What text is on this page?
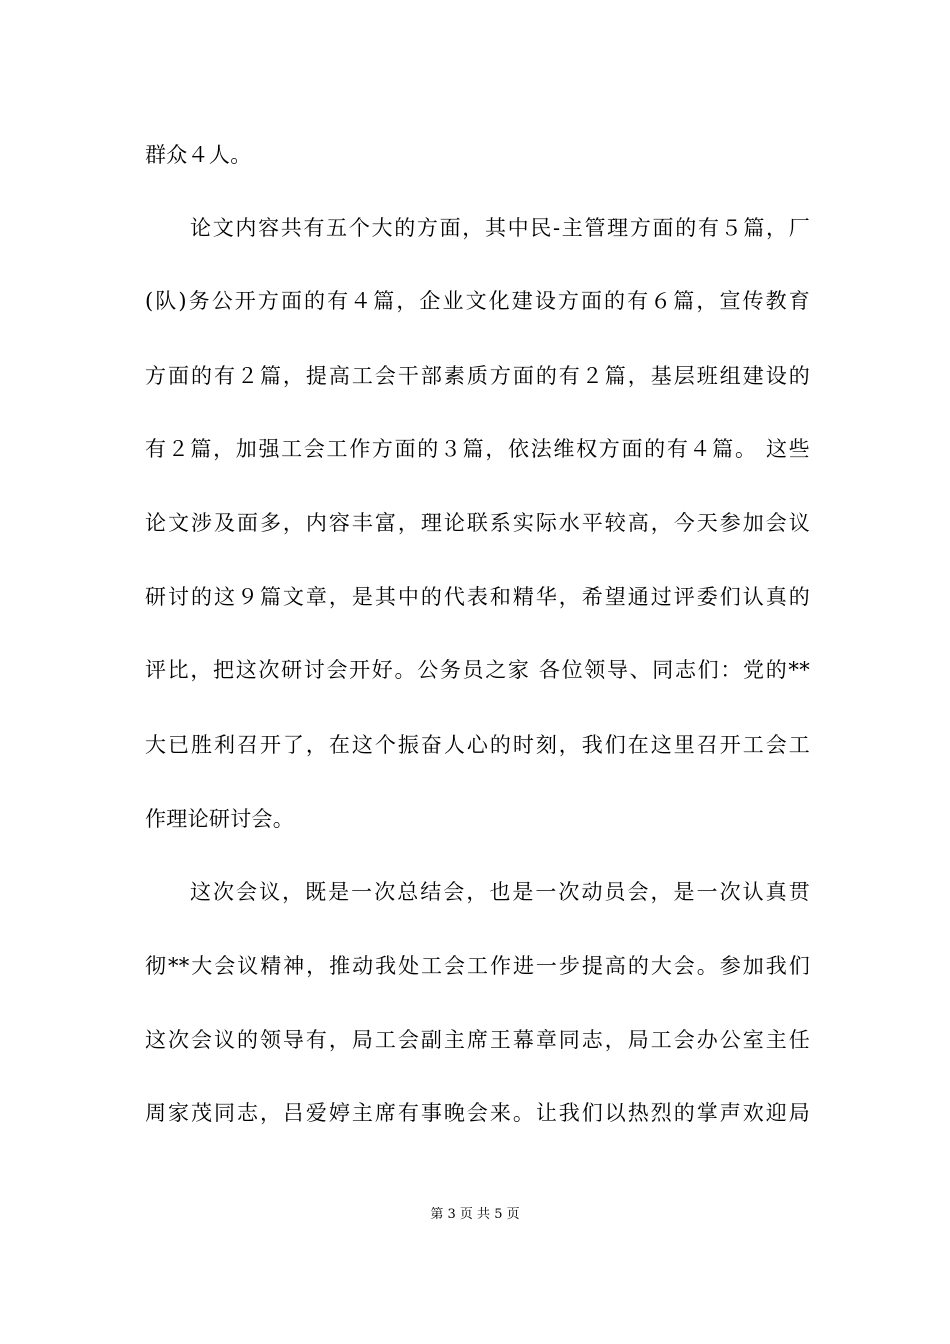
群众４人。
论文内容共有五个大的方面，其中民-主管理方面的有５篇，厂
(队)务公开方面的有４篇，企业文化建设方面的有６篇，宣传教育
方面的有２篇，提高工会干部素质方面的有２篇，基层班组建设的
有２篇，加强工会工作方面的３篇，依法维权方面的有４篇。 这些
论文涉及面多，内容丰富，理论联系实际水平较高，今天参加会议
研讨的这９篇文章，是其中的代表和精华，希望通过评委们认真的
评比，把这次研讨会开好。公务员之家 各位领导、同志们：党的**
大已胜利召开了，在这个振奋人心的时刻，我们在这里召开工会工
作理论研讨会。
这次会议，既是一次总结会，也是一次动员会，是一次认真贯
彻**大会议精神，推动我处工会工作进一步提高的大会。参加我们
这次会议的领导有，局工会副主席王幕章同志，局工会办公室主任
周家茂同志，吕爱婷主席有事晚会来。让我们以热烈的掌声欢迎局
第 3 页 共 5 页
